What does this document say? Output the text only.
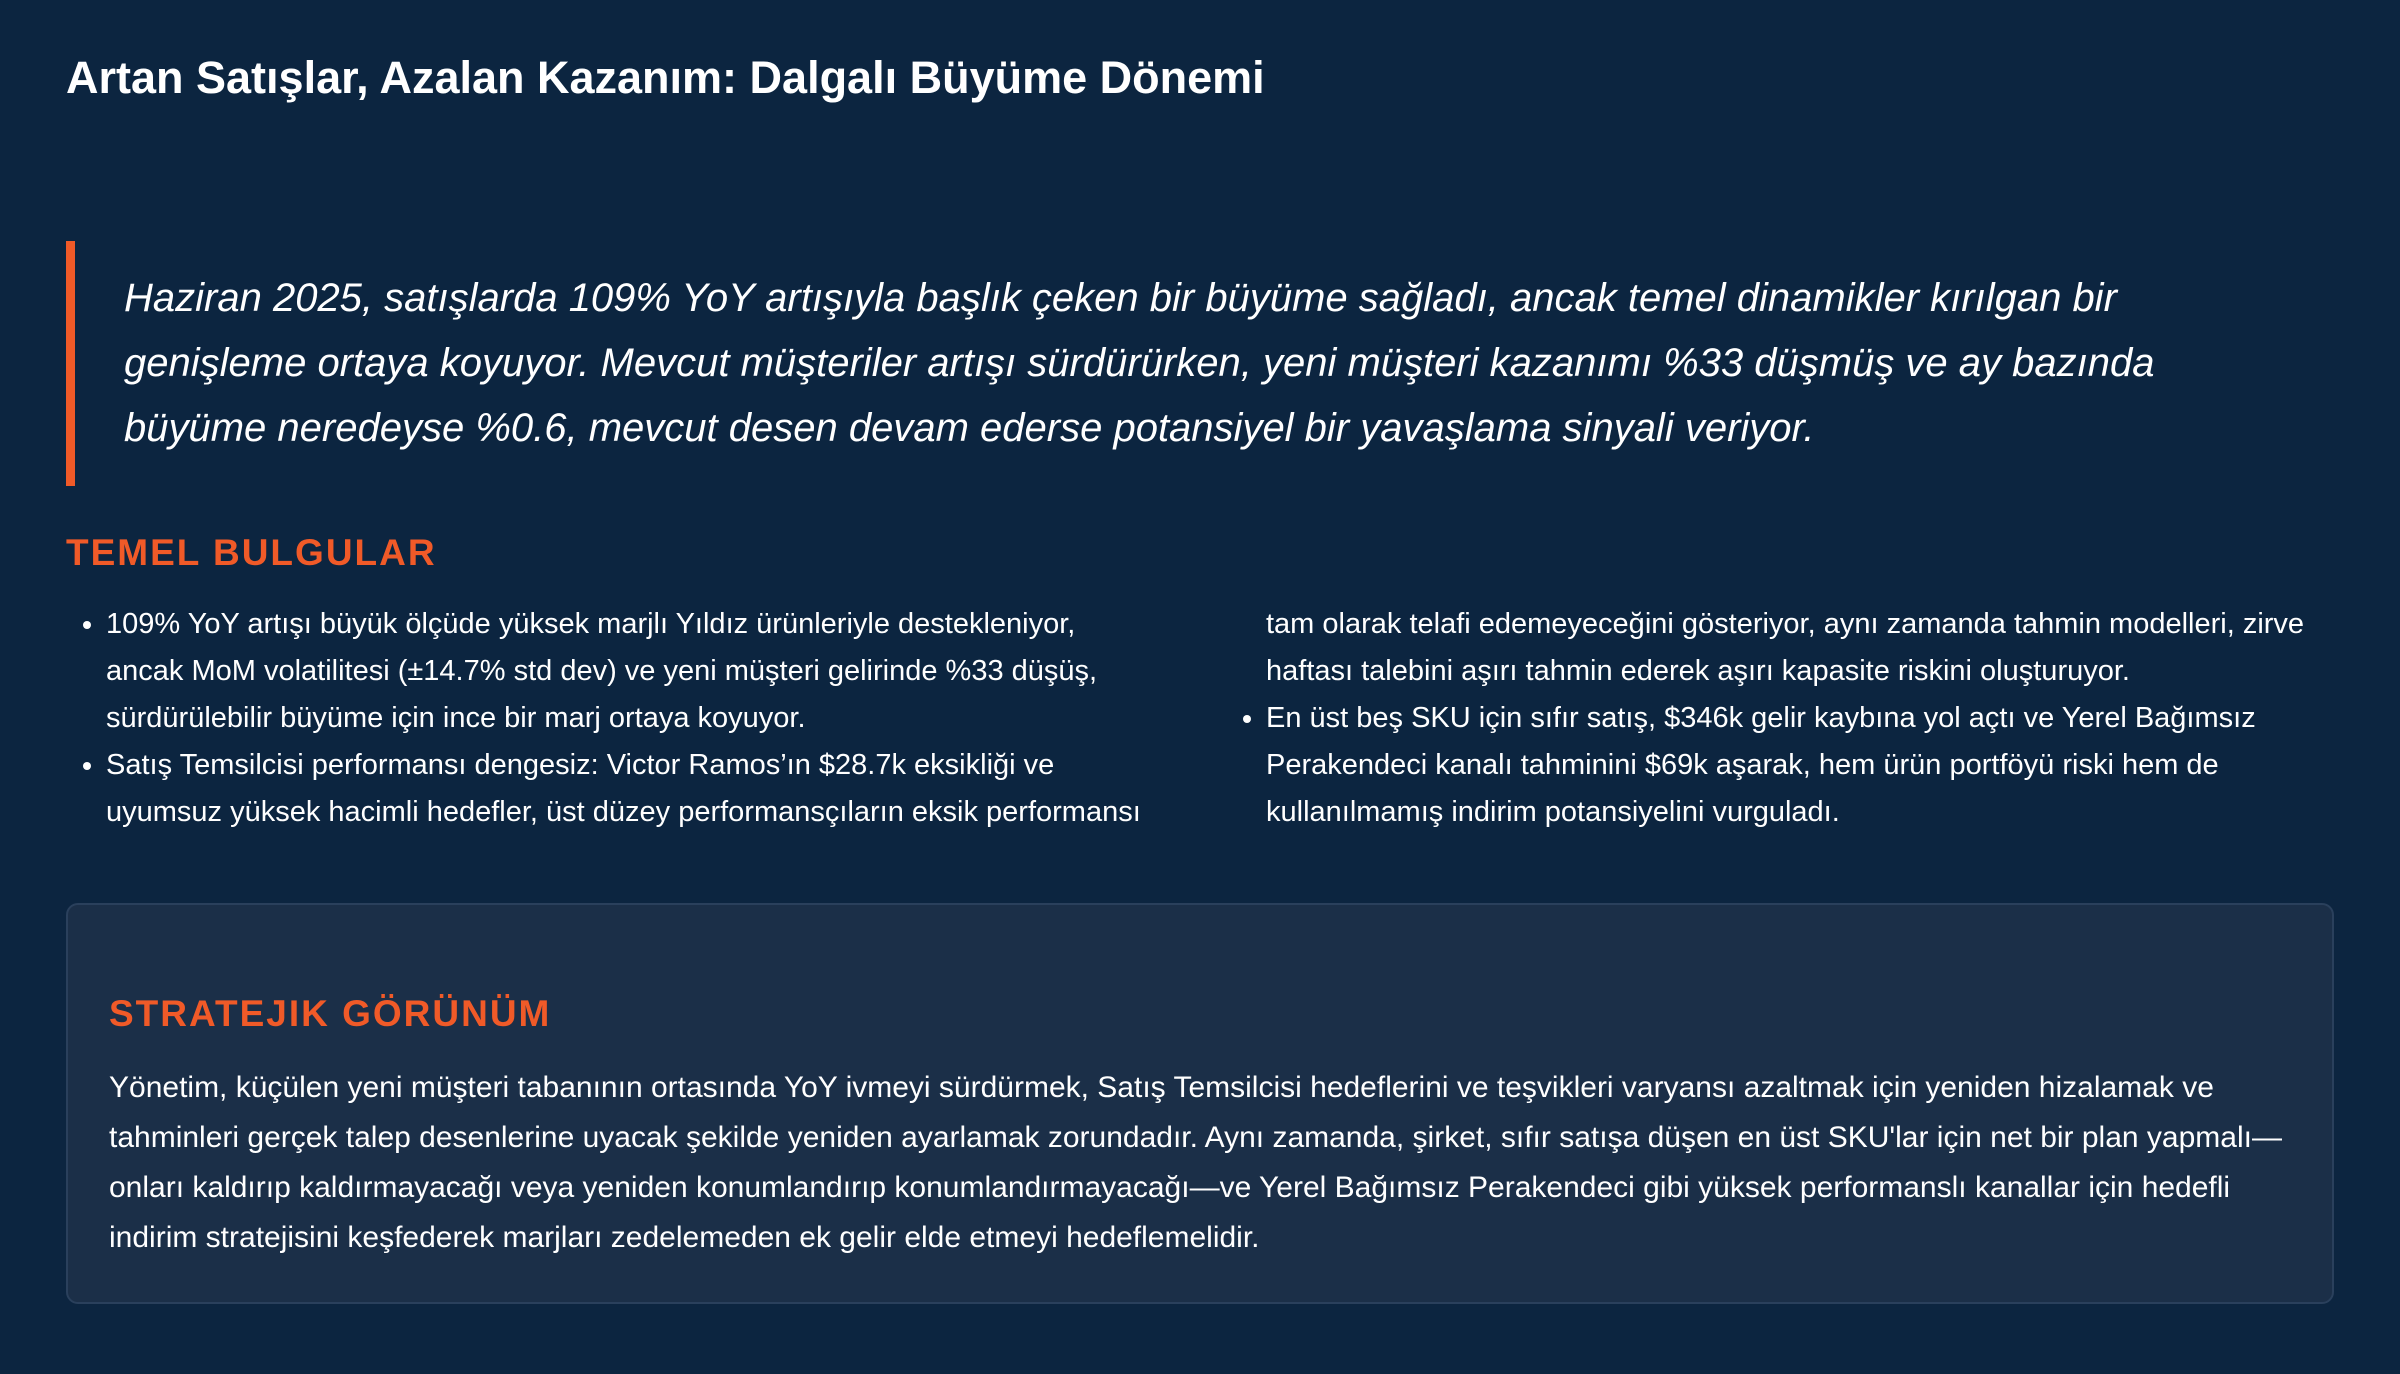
Artan Satışlar, Azalan Kazanım: Dalgalı Büyüme Dönemi

Haziran 2025, satışlarda 109% YoY artışıyla başlık çeken bir büyüme sağladı, ancak temel dinamikler kırılgan bir genişleme ortaya koyuyor. Mevcut müşteriler artışı sürdürürken, yeni müşteri kazanımı %33 düşmüş ve ay bazında büyüme neredeyse %0.6, mevcut desen devam ederse potansiyel bir yavaşlama sinyali veriyor.

TEMEL BULGULAR
• 109% YoY artışı büyük ölçüde yüksek marjlı Yıldız ürünleriyle destekleniyor, ancak MoM volatilitesi (±14.7% std dev) ve yeni müşteri gelirinde %33 düşüş, sürdürülebilir büyüme için ince bir marj ortaya koyuyor.
• Satış Temsilcisi performansı dengesiz: Victor Ramos’ın $28.7k eksikliği ve uyumsuz yüksek hacimli hedefler, üst düzey performansçıların eksik performansı tam olarak telafi edemeyeceğini gösteriyor, aynı zamanda tahmin modelleri, zirve haftası talebini aşırı tahmin ederek aşırı kapasite riskini oluşturuyor.
• En üst beş SKU için sıfır satış, $346k gelir kaybına yol açtı ve Yerel Bağımsız Perakendeci kanalı tahminini $69k aşarak, hem ürün portföyü riski hem de kullanılmamış indirim potansiyelini vurguladı.
STRATEJIK GÖRÜNÜM

Yönetim, küçülen yeni müşteri tabanının ortasında YoY ivmeyi sürdürmek, Satış Temsilcisi hedeflerini ve teşvikleri varyansı azaltmak için yeniden hizalamak ve tahminleri gerçek talep desenlerine uyacak şekilde yeniden ayarlamak zorundadır. Aynı zamanda, şirket, sıfır satışa düşen en üst SKU'lar için net bir plan yapmalı—onları kaldırıp kaldırmayacağı veya yeniden konumlandırıp konumlandırmayacağı—ve Yerel Bağımsız Perakendeci gibi yüksek performanslı kanallar için hedefli indirim stratejisini keşfederek marjları zedelemeden ek gelir elde etmeyi hedeflemelidir.
